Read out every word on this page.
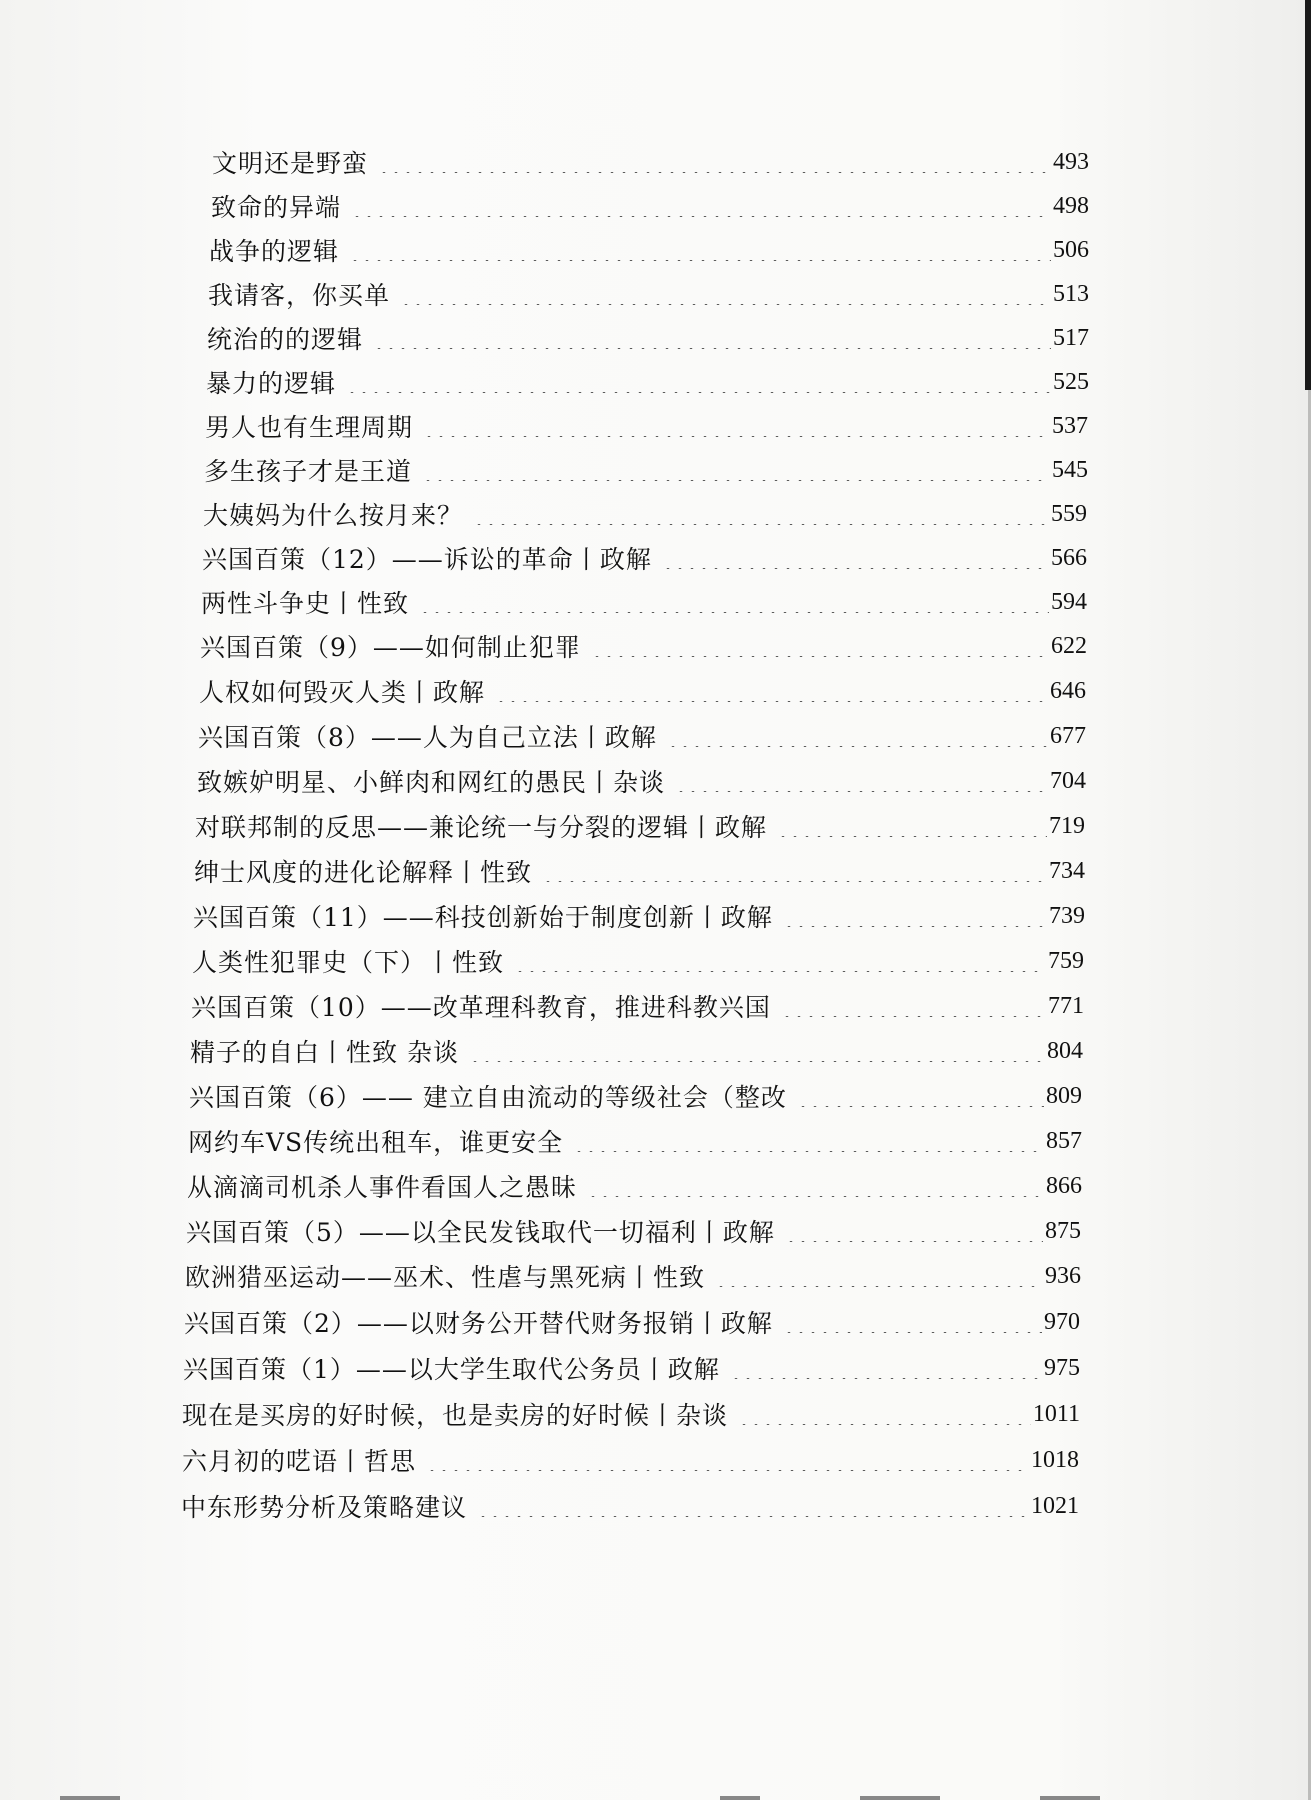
文明还是野蛮	493
致命的异端	498
战争的逻辑	506
我请客，你买单	513
统治的的逻辑	517
暴力的逻辑	525
男人也有生理周期	537
多生孩子才是王道	545
大姨妈为什么按月来？	559
兴国百策（12）——诉讼的革命丨政解	566
两性斗争史丨性致	594
兴国百策（9）——如何制止犯罪	622
人权如何毁灭人类丨政解	646
兴国百策（8）——人为自己立法丨政解	677
致嫉妒明星、小鲜肉和网红的愚民丨杂谈	704
对联邦制的反思——兼论统一与分裂的逻辑丨政解	719
绅士风度的进化论解释丨性致	734
兴国百策（11）——科技创新始于制度创新丨政解	739
人类性犯罪史（下）丨性致	759
兴国百策（10）——改革理科教育，推进科教兴国	771
精子的自白丨性致 杂谈	804
兴国百策（6）—— 建立自由流动的等级社会（整改	809
网约车VS传统出租车，谁更安全	857
从滴滴司机杀人事件看国人之愚昧	866
兴国百策（5）——以全民发钱取代一切福利丨政解	875
欧洲猎巫运动——巫术、性虐与黑死病丨性致	936
兴国百策（2）——以财务公开替代财务报销丨政解	970
兴国百策（1）——以大学生取代公务员丨政解	975
现在是买房的好时候，也是卖房的好时候丨杂谈	1011
六月初的呓语丨哲思	1018
中东形势分析及策略建议	1021
